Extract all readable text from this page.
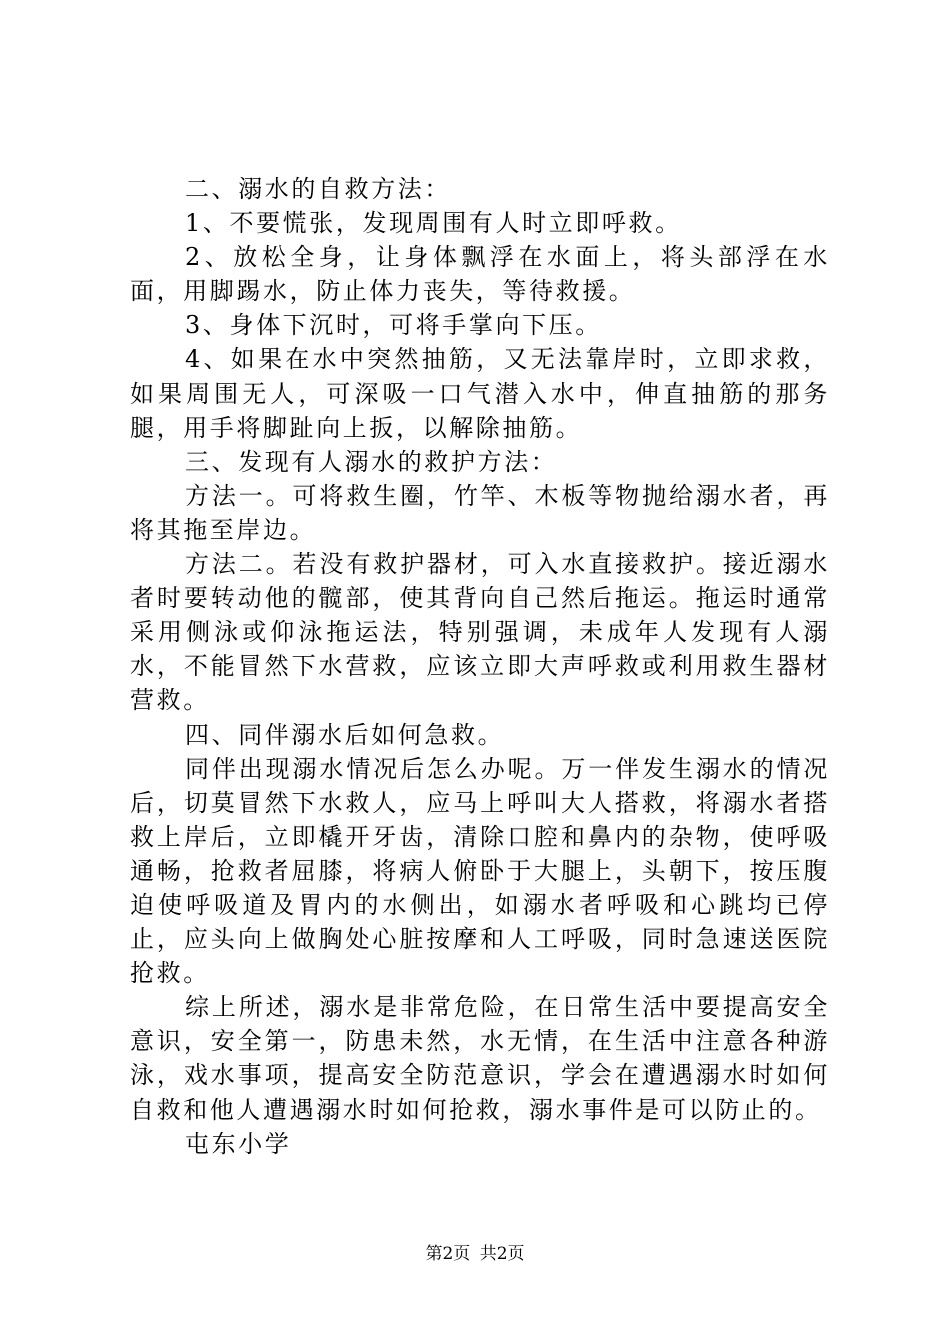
二、溺水的自救方法：

1、不要慌张，发现周围有人时立即呼救。

2、放松全身，让身体飘浮在水面上，将头部浮在水面，用脚踢水，防止体力丧失，等待救援。

3、身体下沉时，可将手掌向下压。

4、如果在水中突然抽筋，又无法靠岸时，立即求救，如果周围无人，可深吸一口气潜入水中，伸直抽筋的那务腿，用手将脚趾向上扳，以解除抽筋。

三、发现有人溺水的救护方法：

方法一。可将救生圈，竹竿、木板等物抛给溺水者，再将其拖至岸边。

方法二。若没有救护器材，可入水直接救护。接近溺水者时要转动他的髋部，使其背向自己然后拖运。拖运时通常采用侧泳或仰泳拖运法，特别强调，未成年人发现有人溺水，不能冒然下水营救，应该立即大声呼救或利用救生器材营救。

四、同伴溺水后如何急救。

同伴出现溺水情况后怎么办呢。万一伴发生溺水的情况后，切莫冒然下水救人，应马上呼叫大人搭救，将溺水者搭救上岸后，立即橇开牙齿，清除口腔和鼻内的杂物，使呼吸通畅，抢救者屈膝，将病人俯卧于大腿上，头朝下，按压腹迫使呼吸道及胃内的水侧出，如溺水者呼吸和心跳均已停止，应头向上做胸处心脏按摩和人工呼吸，同时急速送医院抢救。

综上所述，溺水是非常危险，在日常生活中要提高安全意识，安全第一，防患未然，水无情，在生活中注意各种游泳，戏水事项，提高安全防范意识，学会在遭遇溺水时如何自救和他人遭遇溺水时如何抢救，溺水事件是可以防止的。

屯东小学

第2页 共2页
